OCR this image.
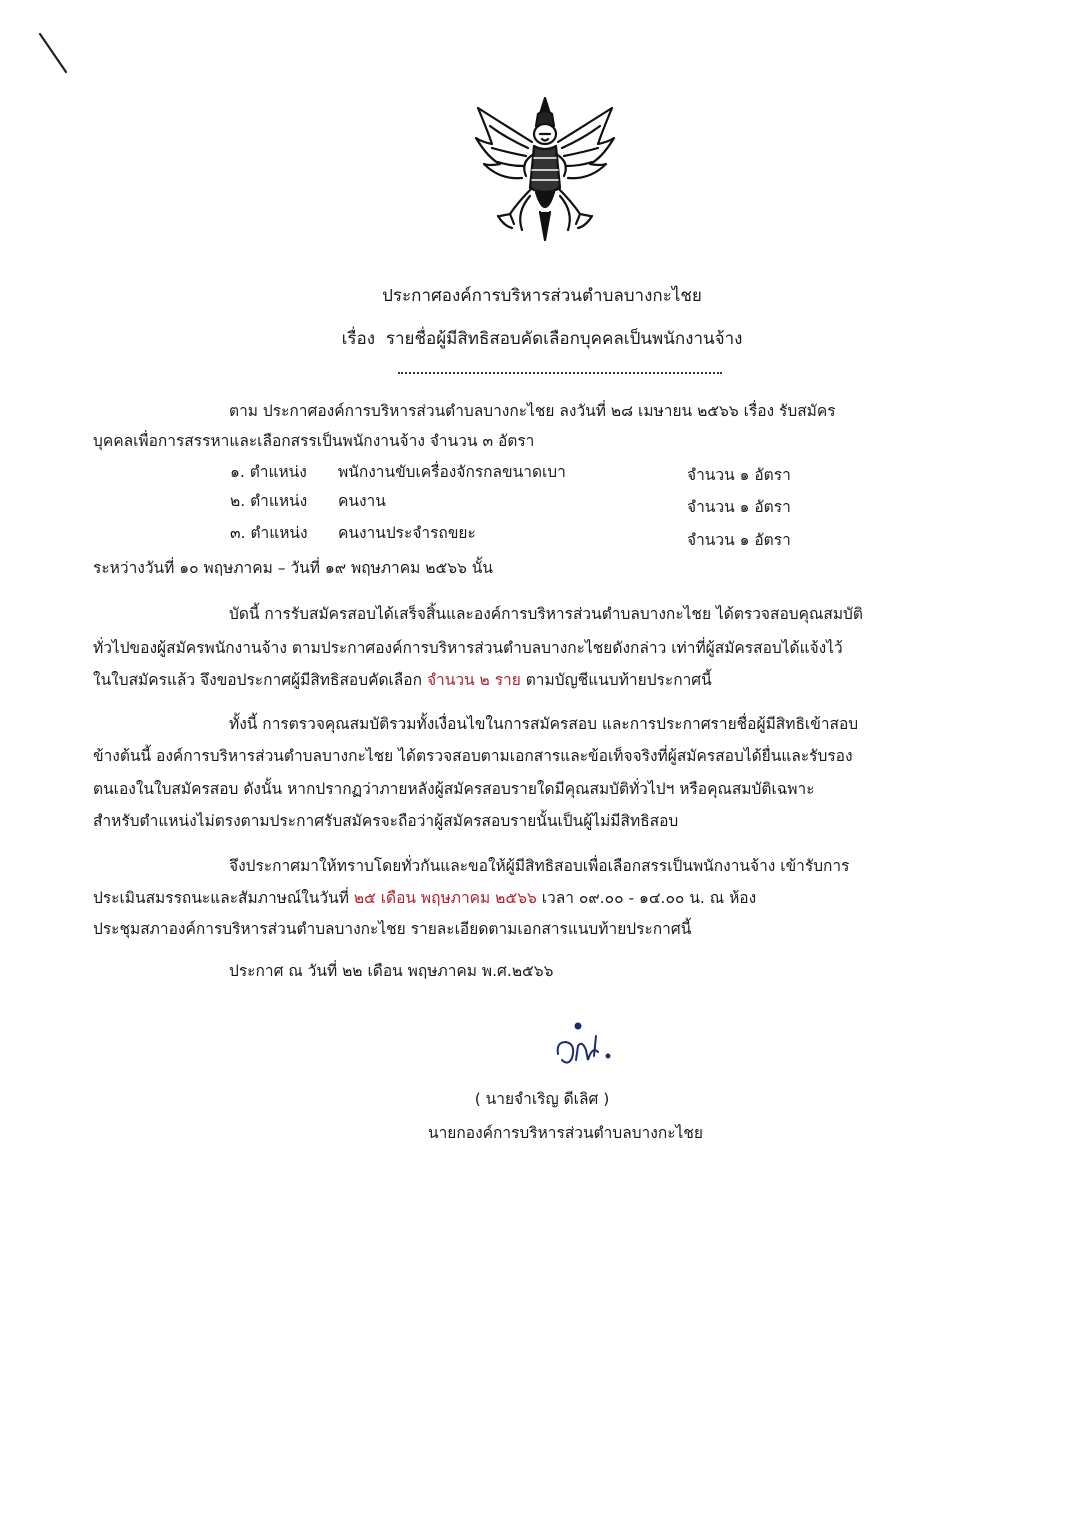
ประกาศองค์การบริหารส่วนตำบลบางกะไชย
เรื่อง รายชื่อผู้มีสิทธิสอบคัดเลือกบุคคลเป็นพนักงานจ้าง
ตาม ประกาศองค์การบริหารส่วนตำบลบางกะไชย ลงวันที่ ๒๘ เมษายน ๒๕๖๖ เรื่อง รับสมัคร
บุคคลเพื่อการสรรหาและเลือกสรรเป็นพนักงานจ้าง จำนวน ๓ อัตรา
๑. ตำแหน่ง พนักงานขับเครื่องจักรกลขนาดเบา	จำนวน ๑ อัตรา
๒. ตำแหน่ง คนงาน	จำนวน ๑ อัตรา
๓. ตำแหน่ง คนงานประจำรถขยะ	จำนวน ๑ อัตรา
ระหว่างวันที่ ๑๐ พฤษภาคม – วันที่ ๑๙ พฤษภาคม ๒๕๖๖ นั้น
บัดนี้ การรับสมัครสอบได้เสร็จสิ้นและองค์การบริหารส่วนตำบลบางกะไชย ได้ตรวจสอบคุณสมบัติ
ทั่วไปของผู้สมัครพนักงานจ้าง ตามประกาศองค์การบริหารส่วนตำบลบางกะไชยดังกล่าว เท่าที่ผู้สมัครสอบได้แจ้งไว้
ในใบสมัครแล้ว จึงขอประกาศผู้มีสิทธิสอบคัดเลือก จำนวน ๒ ราย ตามบัญชีแนบท้ายประกาศนี้
ทั้งนี้ การตรวจคุณสมบัติรวมทั้งเงื่อนไขในการสมัครสอบ และการประกาศรายชื่อผู้มีสิทธิเข้าสอบ
ข้างต้นนี้ องค์การบริหารส่วนตำบลบางกะไชย ได้ตรวจสอบตามเอกสารและข้อเท็จจริงที่ผู้สมัครสอบได้ยื่นและรับรอง
ตนเองในใบสมัครสอบ ดังนั้น หากปรากฏว่าภายหลังผู้สมัครสอบรายใดมีคุณสมบัติทั่วไปฯ หรือคุณสมบัติเฉพาะ
สำหรับตำแหน่งไม่ตรงตามประกาศรับสมัครจะถือว่าผู้สมัครสอบรายนั้นเป็นผู้ไม่มีสิทธิสอบ
จึงประกาศมาให้ทราบโดยทั่วกันและขอให้ผู้มีสิทธิสอบเพื่อเลือกสรรเป็นพนักงานจ้าง เข้ารับการ
ประเมินสมรรถนะและสัมภาษณ์ในวันที่ ๒๕ เดือน พฤษภาคม ๒๕๖๖ เวลา ๐๙.๐๐ - ๑๔.๐๐ น. ณ ห้อง
ประชุมสภาองค์การบริหารส่วนตำบลบางกะไชย รายละเอียดตามเอกสารแนบท้ายประกาศนี้
ประกาศ ณ วันที่ ๒๒ เดือน พฤษภาคม พ.ศ.๒๕๖๖
( นายจำเริญ ดีเลิศ )
นายกองค์การบริหารส่วนตำบลบางกะไชย
